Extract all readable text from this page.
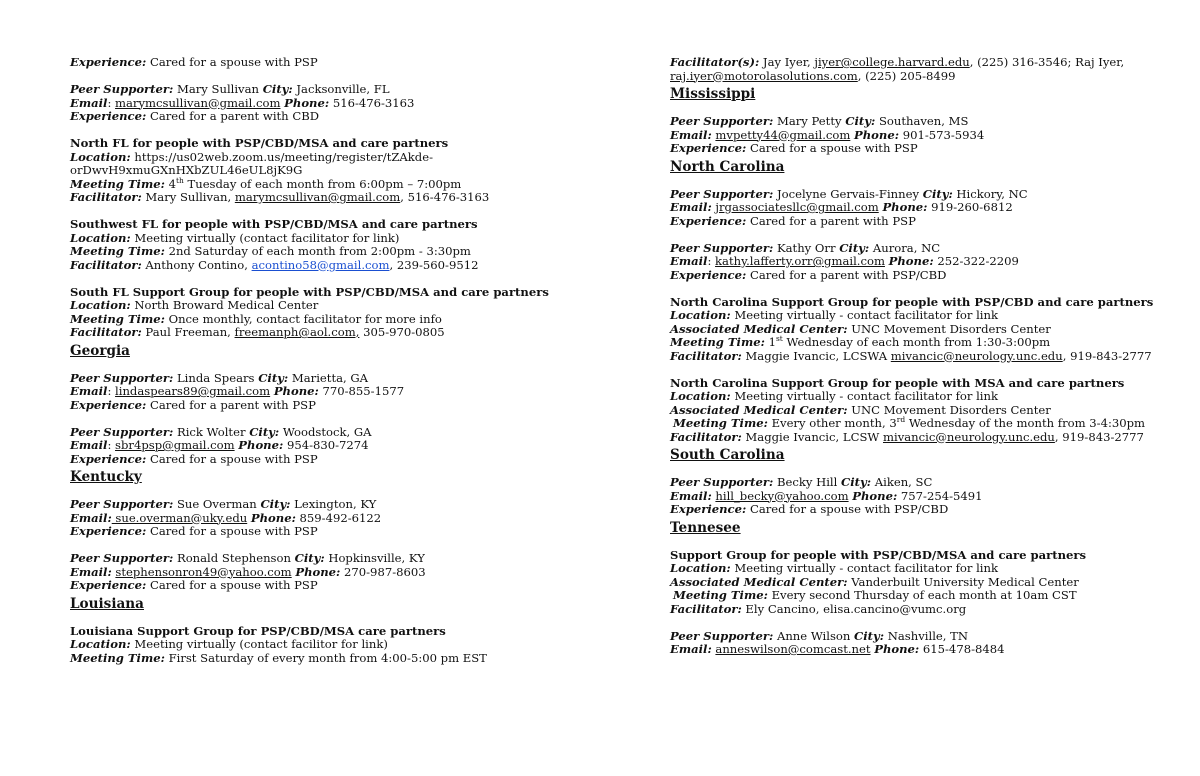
Experience: Cared for a spouse with PSP
Peer Supporter: Mary Sullivan City: Jacksonville, FL
Email: marymcsullivan@gmail.com Phone: 516-476-3163
Experience: Cared for a parent with CBD
North FL for people with PSP/CBD/MSA and care partners
Location: https://us02web.zoom.us/meeting/register/tZAkde-
orDwvH9xmuGXnHXbZUL46eUL8jK9G
Meeting Time: 4th Tuesday of each month from 6:00pm – 7:00pm
Facilitator: Mary Sullivan, marymcsullivan@gmail.com, 516-476-3163
Southwest FL for people with PSP/CBD/MSA and care partners
Location: Meeting virtually (contact facilitator for link)
Meeting Time: 2nd Saturday of each month from 2:00pm - 3:30pm
Facilitator: Anthony Contino, acontino58@gmail.com, 239-560-9512
South FL Support Group for people with PSP/CBD/MSA and care partners
Location: North Broward Medical Center
Meeting Time: Once monthly, contact facilitator for more info
Facilitator: Paul Freeman, freemanph@aol.com, 305-970-0805
Georgia
Peer Supporter: Linda Spears City: Marietta, GA
Email: lindaspears89@gmail.com Phone: 770-855-1577
Experience: Cared for a parent with PSP
Peer Supporter: Rick Wolter City: Woodstock, GA
Email: sbr4psp@gmail.com Phone: 954-830-7274
Experience: Cared for a spouse with PSP
Kentucky
Peer Supporter: Sue Overman City: Lexington, KY
Email: sue.overman@uky.edu Phone: 859-492-6122
Experience: Cared for a spouse with PSP
Peer Supporter: Ronald Stephenson City: Hopkinsville, KY
Email: stephensonron49@yahoo.com Phone: 270-987-8603
Experience: Cared for a spouse with PSP
Louisiana
Louisiana Support Group for PSP/CBD/MSA care partners
Location: Meeting virtually (contact facilitor for link)
Meeting Time: First Saturday of every month from 4:00-5:00 pm EST
Facilitator(s): Jay Iyer, jiyer@college.harvard.edu, (225) 316-3546; Raj Iyer,
raj.iyer@motorolasolutions.com, (225) 205-8499
Mississippi
Peer Supporter: Mary Petty City: Southaven, MS
Email: mvpetty44@gmail.com Phone: 901-573-5934
Experience: Cared for a spouse with PSP
North Carolina
Peer Supporter: Jocelyne Gervais-Finney City: Hickory, NC
Email: jrgassociatesllc@gmail.com Phone: 919-260-6812
Experience: Cared for a parent with PSP
Peer Supporter: Kathy Orr City: Aurora, NC
Email: kathy.lafferty.orr@gmail.com Phone: 252-322-2209
Experience: Cared for a parent with PSP/CBD
North Carolina Support Group for people with PSP/CBD and care partners
Location: Meeting virtually - contact facilitator for link
Associated Medical Center: UNC Movement Disorders Center
Meeting Time: 1st Wednesday of each month from 1:30-3:00pm
Facilitator: Maggie Ivancic, LCSWA mivancic@neurology.unc.edu, 919-843-2777
North Carolina Support Group for people with MSA and care partners
Location: Meeting virtually - contact facilitator for link
Associated Medical Center: UNC Movement Disorders Center
Meeting Time: Every other month, 3rd Wednesday of the month from 3-4:30pm
Facilitator: Maggie Ivancic, LCSW mivancic@neurology.unc.edu, 919-843-2777
South Carolina
Peer Supporter: Becky Hill City: Aiken, SC
Email: hill_becky@yahoo.com Phone: 757-254-5491
Experience: Cared for a spouse with PSP/CBD
Tennesee
Support Group for people with PSP/CBD/MSA and care partners
Location: Meeting virtually - contact facilitator for link
Associated Medical Center: Vanderbuilt University Medical Center
Meeting Time: Every second Thursday of each month at 10am CST
Facilitator: Ely Cancino, elisa.cancino@vumc.org
Peer Supporter: Anne Wilson City: Nashville, TN
Email: anneswilson@comcast.net Phone: 615-478-8484
